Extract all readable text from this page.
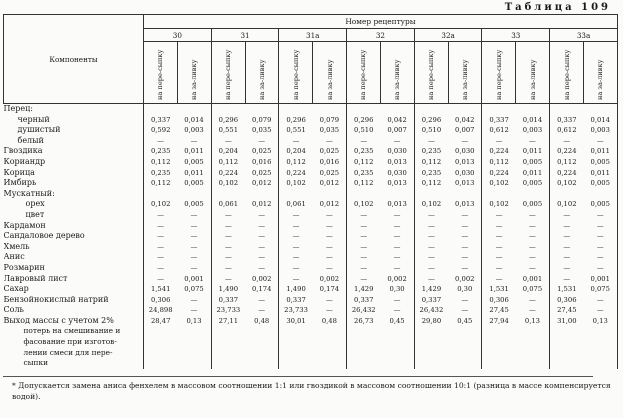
Таблица 109
Компоненты	Номер рецептуры													
	30		31		31а		32		32а		33		33а	
	на пере-сыпку	на за-ливку	на пере-сыпку	на за-ливку	на пере-сыпку	на за-ливку	на пере-сыпку	на за-ливку	на пере-сыпку	на за-ливку	на пере-сыпку	на за-ливку	на пере-сыпку	на за-ливку
Перец:														
черный	0,337	0,014	0,296	0,079	0,296	0,079	0,296	0,042	0,296	0,042	0,337	0,014	0,337	0,014
душистый	0,592	0,003	0,551	0,035	0,551	0,035	0,510	0,007	0,510	0,007	0,612	0,003	0,612	0,003
белый	—	—	—	—	—	—	—	—	—	—	—	—	—	—
Гвоздика	0,235	0,011	0,204	0,025	0,204	0,025	0,235	0,030	0,235	0,030	0,224	0,011	0,224	0,011
Кориандр	0,112	0,005	0,112	0,016	0,112	0,016	0,112	0,013	0,112	0,013	0,112	0,005	0,112	0,005
Корица	0,235	0,011	0,224	0,025	0,224	0,025	0,235	0,030	0,235	0,030	0,224	0,011	0,224	0,011
Имбирь	0,112	0,005	0,102	0,012	0,102	0,012	0,112	0,013	0,112	0,013	0,102	0,005	0,102	0,005
Мускатный:														
орех	0,102	0,005	0,061	0,012	0,061	0,012	0,102	0,013	0,102	0,013	0,102	0,005	0,102	0,005
цвет	—	—	—	—	—	—	—	—	—	—	—	—	—	—
Кардамон	—	—	—	—	—	—	—	—	—	—	—	—	—	—
Сандаловое дерево	—	—	—	—	—	—	—	—	—	—	—	—	—	—
Хмель	—	—	—	—	—	—	—	—	—	—	—	—	—	—
Анис	—	—	—	—	—	—	—	—	—	—	—	—	—	—
Розмарин	—	—	—	—	—	—	—	—	—	—	—	—	—	—
Лавровый лист	—	0,001	—	0,002	—	0,002	—	0,002	—	0,002	—	0,001	—	0,001
Сахар	1,541	0,075	1,490	0,174	1,490	0,174	1,429	0,30	1,429	0,30	1,531	0,075	1,531	0,075
Бензойнокислый натрий	0,306	—	0,337	—	0,337	—	0,337	—	0,337	—	0,306	—	0,306	—
Соль	24,898	—	23,733	—	23,733	—	26,432	—	26,432	—	27,45	—	27,45	—
Выход массы с учетом 2%	28,47	0,13	27,11	0,48	30,01	0,48	26,73	0,45	29,80	0,45	27,94	0,13	31,00	0,13
потерь на смешивание и														
фасование при изготов-														
лении смеси для пере-														
сыпки														
* Допускается замена аниса фенхелем в массовом соотношении 1:1 или гвоздикой в массовом соотношении 10:1 (разница в массе компенсируется водой).
